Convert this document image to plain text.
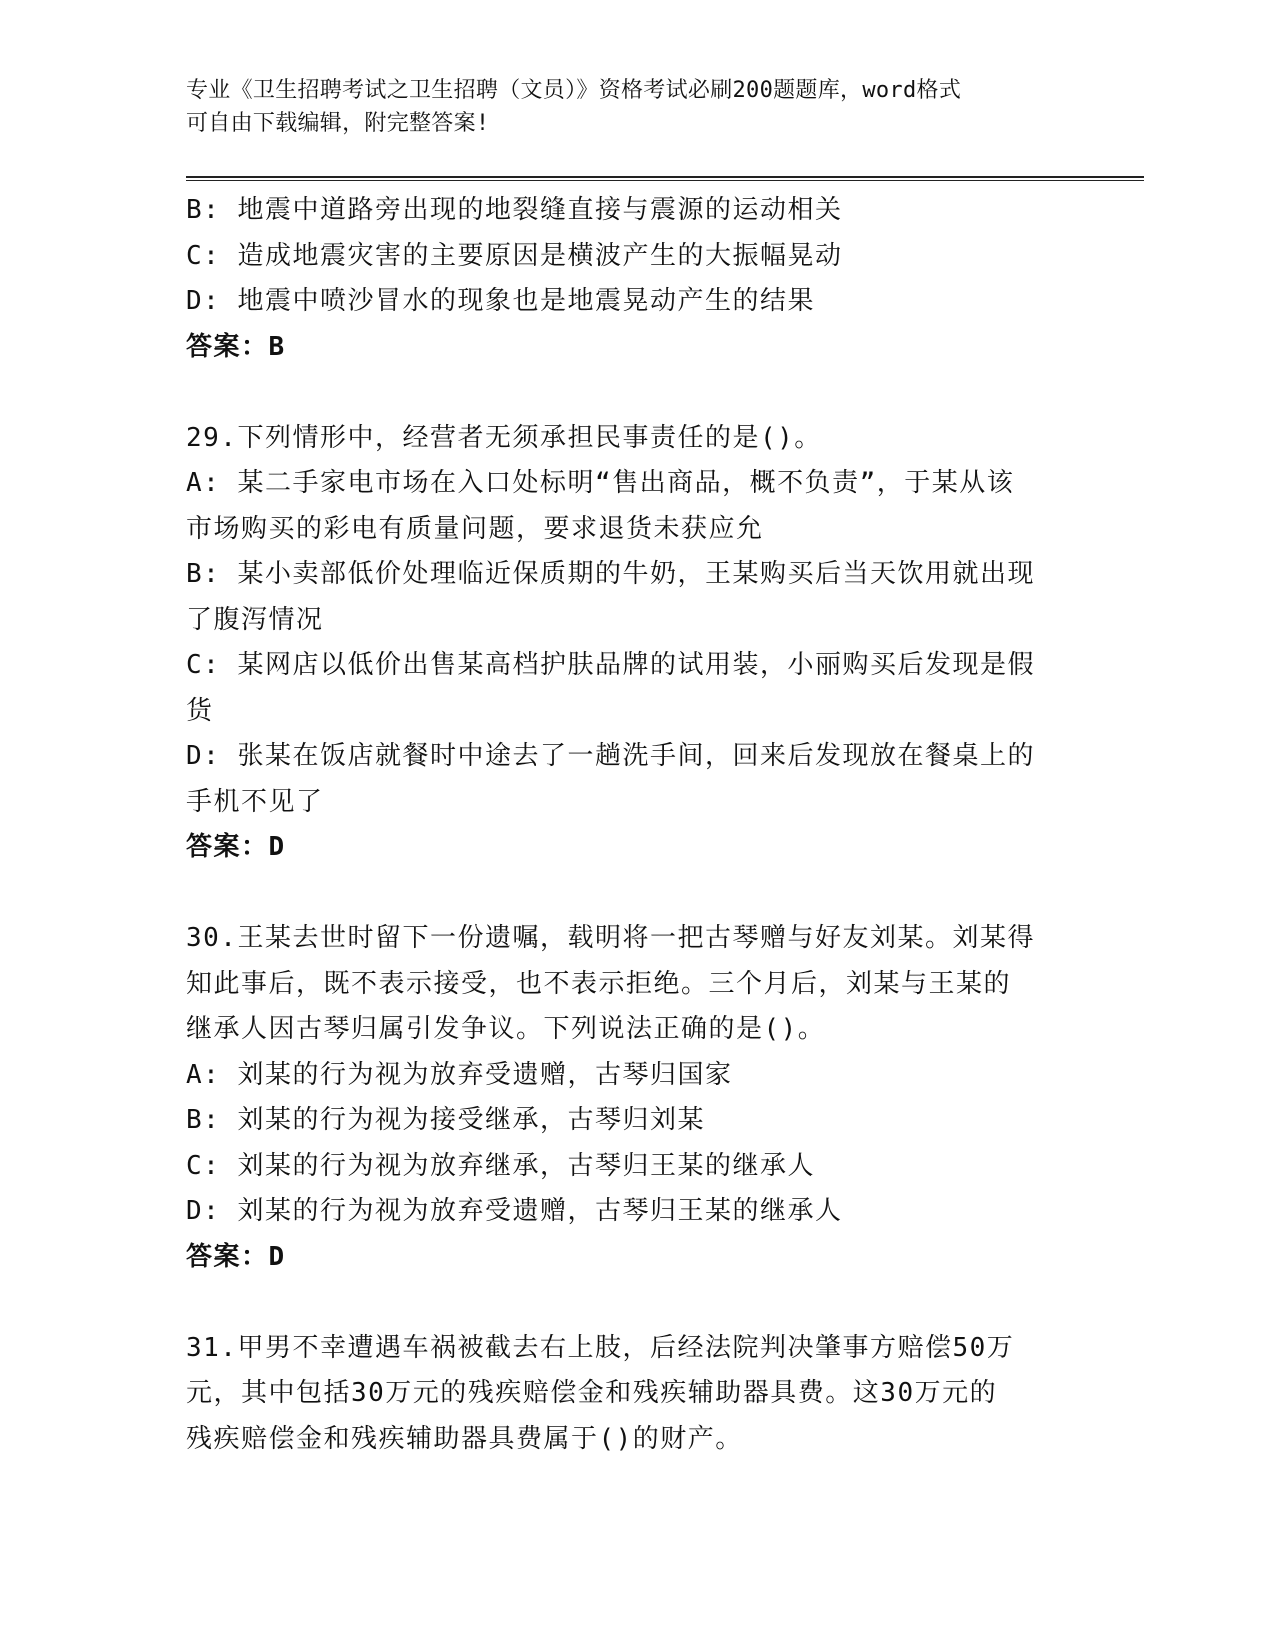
专业《卫生招聘考试之卫生招聘（文员）》资格考试必刷200题题库，word格式
可自由下载编辑，附完整答案!
B: 地震中道路旁出现的地裂缝直接与震源的运动相关
C: 造成地震灾害的主要原因是横波产生的大振幅晃动
D: 地震中喷沙冒水的现象也是地震晃动产生的结果
答案：B
29.下列情形中，经营者无须承担民事责任的是()。
A: 某二手家电市场在入口处标明“售出商品，概不负责”，于某从该
市场购买的彩电有质量问题，要求退货未获应允
B: 某小卖部低价处理临近保质期的牛奶，王某购买后当天饮用就出现
了腹泻情况
C: 某网店以低价出售某高档护肤品牌的试用装，小丽购买后发现是假
货
D: 张某在饭店就餐时中途去了一趟洗手间，回来后发现放在餐桌上的
手机不见了
答案：D
30.王某去世时留下一份遗嘱，载明将一把古琴赠与好友刘某。刘某得
知此事后，既不表示接受，也不表示拒绝。三个月后，刘某与王某的
继承人因古琴归属引发争议。下列说法正确的是()。
A: 刘某的行为视为放弃受遗赠，古琴归国家
B: 刘某的行为视为接受继承，古琴归刘某
C: 刘某的行为视为放弃继承，古琴归王某的继承人
D: 刘某的行为视为放弃受遗赠，古琴归王某的继承人
答案：D
31.甲男不幸遭遇车祸被截去右上肢，后经法院判决肇事方赔偿50万
元，其中包括30万元的残疾赔偿金和残疾辅助器具费。这30万元的
残疾赔偿金和残疾辅助器具费属于()的财产。
